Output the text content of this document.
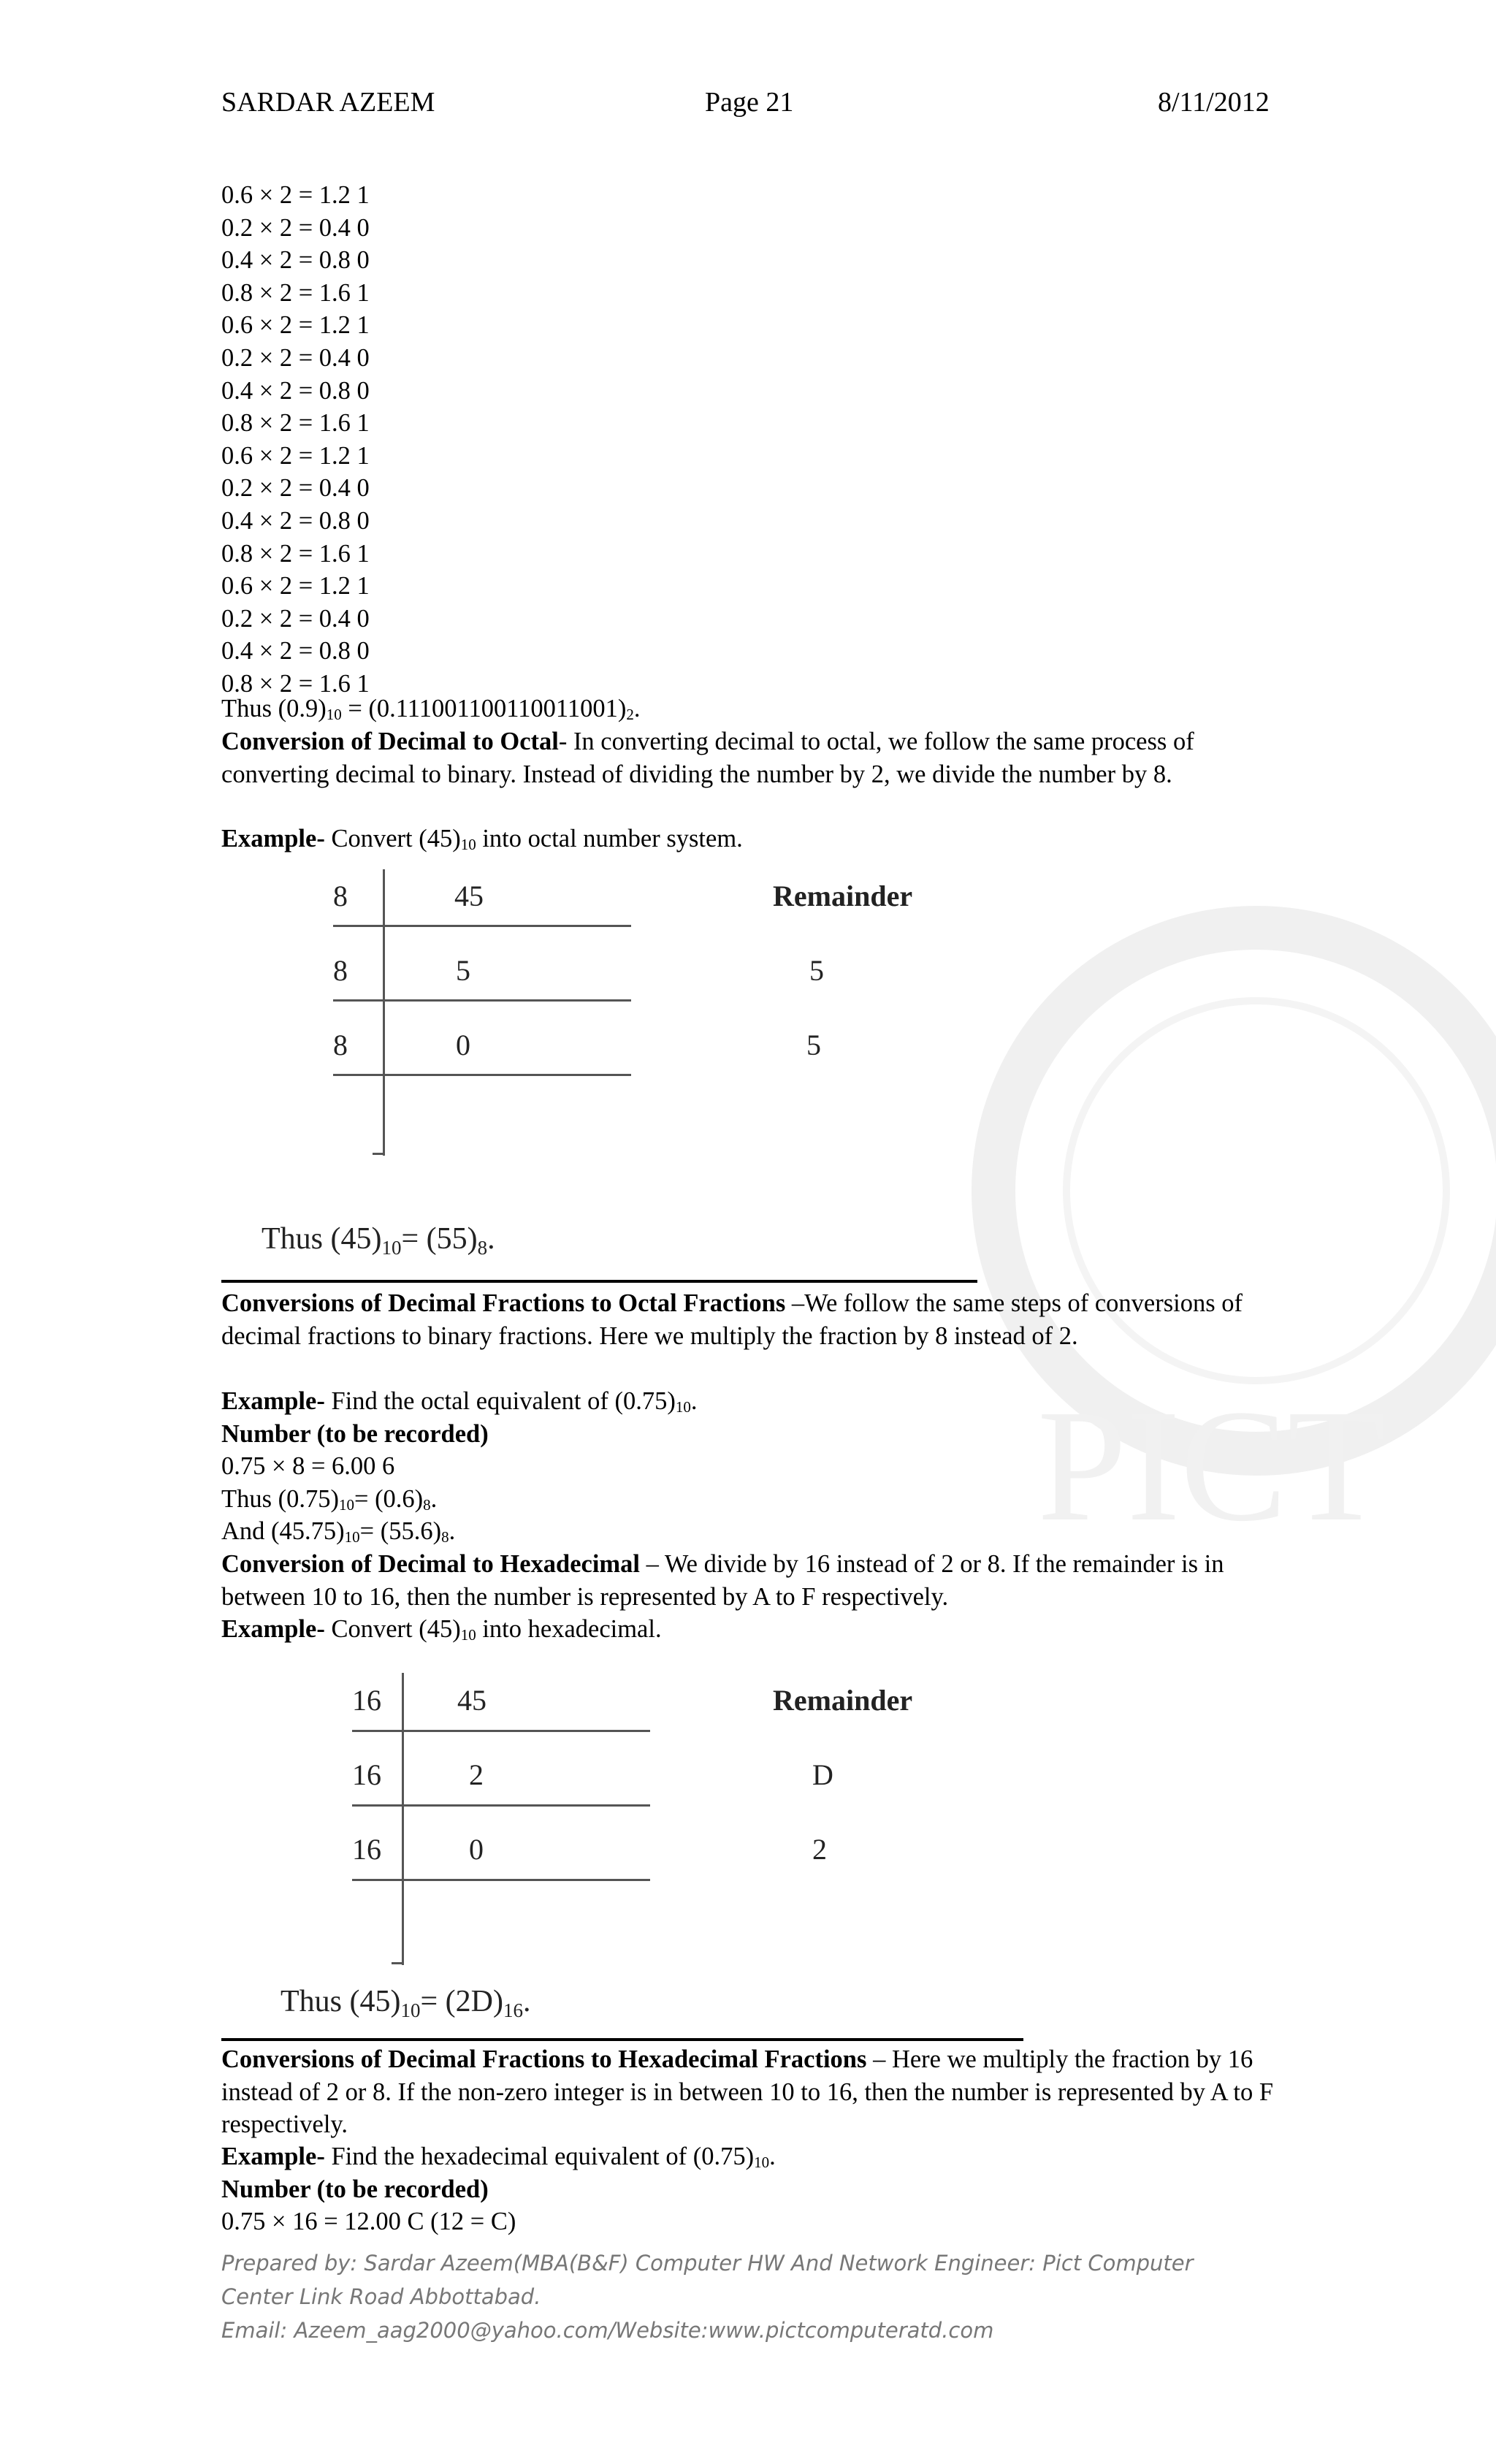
PICT
SARDAR AZEEM	Page 21	8/11/2012
0.6 × 2 = 1.2 1
0.2 × 2 = 0.4 0
0.4 × 2 = 0.8 0
0.8 × 2 = 1.6 1
0.6 × 2 = 1.2 1
0.2 × 2 = 0.4 0
0.4 × 2 = 0.8 0
0.8 × 2 = 1.6 1
0.6 × 2 = 1.2 1
0.2 × 2 = 0.4 0
0.4 × 2 = 0.8 0
0.8 × 2 = 1.6 1
0.6 × 2 = 1.2 1
0.2 × 2 = 0.4 0
0.4 × 2 = 0.8 0
0.8 × 2 = 1.6 1
Thus $(0.9)_{10} = (0.111001100110011001)_2$.
Conversion of Decimal to Octal- In converting decimal to octal, we follow the same process of converting decimal to binary. Instead of dividing the number by 2, we divide the number by 8.
Example- Convert $(45)_{10}$ into octal number system.
8
8
8
45
5
0
Remainder
5
5
Thus $(45)_{10}= (55)_8$.
Conversions of Decimal Fractions to Octal Fractions –We follow the same steps of conversions of decimal fractions to binary fractions. Here we multiply the fraction by 8 instead of 2.
Example- Find the octal equivalent of $(0.75)_{10}$.
Number (to be recorded)
0.75 × 8 = 6.00 6
Thus $(0.75)_{10}= (0.6)_8$.
And $(45.75)_{10}= (55.6)_8$.
Conversion of Decimal to Hexadecimal – We divide by 16 instead of 2 or 8. If the remainder is in between 10 to 16, then the number is represented by A to F respectively.
Example- Convert $(45)_{10}$ into hexadecimal.
16
16
16
45
2
0
Remainder
D
2
Thus $(45)_{10}= (2D)_{16}$.
Conversions of Decimal Fractions to Hexadecimal Fractions – Here we multiply the fraction by 16 instead of 2 or 8. If the non-zero integer is in between 10 to 16, then the number is represented by A to F respectively.
Example- Find the hexadecimal equivalent of $(0.75)_{10}$.
Number (to be recorded)
0.75 × 16 = 12.00 C (12 = C)
Prepared by: Sardar Azeem(MBA(B&F) Computer HW And Network Engineer: Pict Computer
Center Link Road Abbottabad.
Email: Azeem_aag2000@yahoo.com/Website:www.pictcomputeratd.com
